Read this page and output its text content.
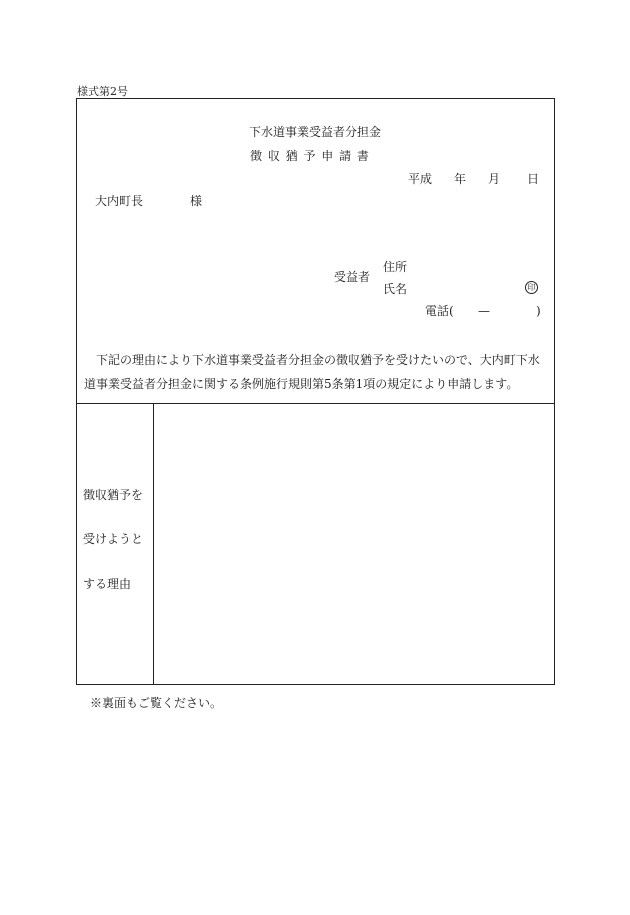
様式第2号
下水道事業受益者分担金
徴 収 猶 予 申 請 書
平成 年 月 日
大内町長	様
受益者
住所
氏名	印
電話( —	)
下記の理由により下水道事業受益者分担金の徴収猶予を受けたいので、大内町下水道事業受益者分担金に関する条例施行規則第5条第1項の規定により申請します。
徴収猶予を
受けようと
する理由
※裏面もご覧ください。
